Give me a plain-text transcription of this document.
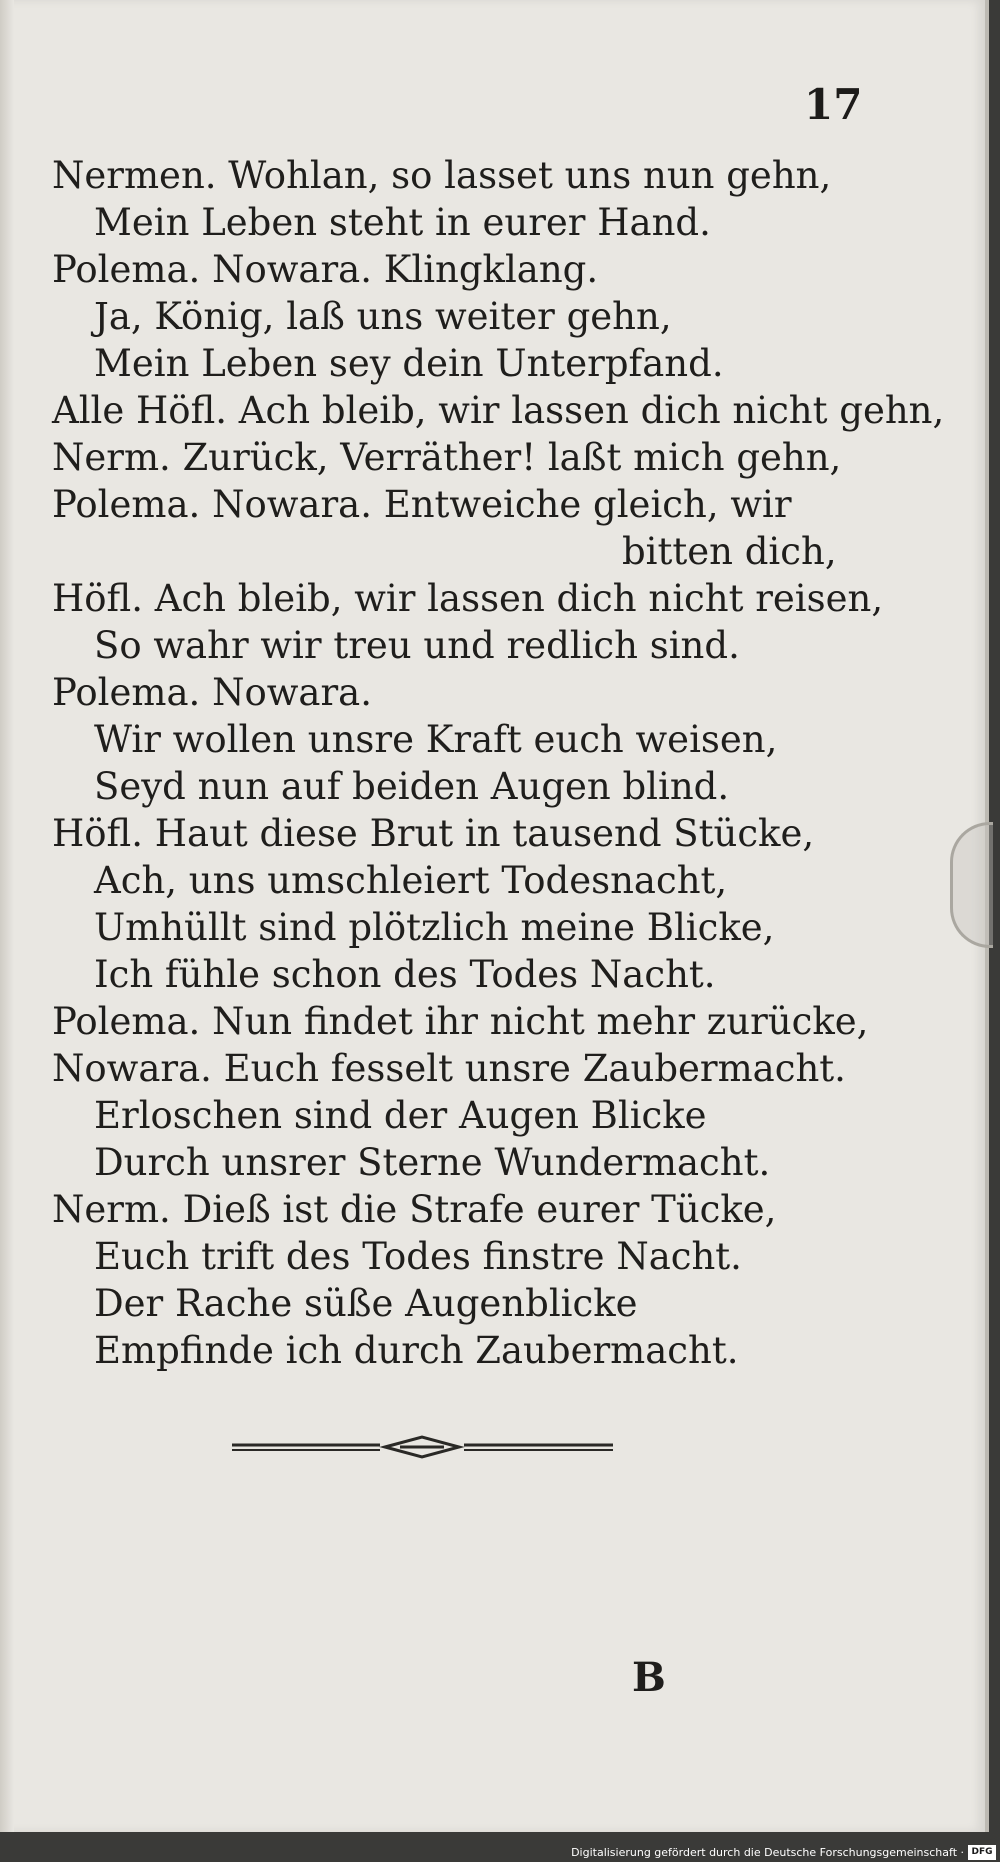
17
Nermen. Wohlan, so lasset uns nun gehn,
Mein Leben steht in eurer Hand.
Polema. Nowara. Klingklang.
Ja, König, laß uns weiter gehn,
Mein Leben sey dein Unterpfand.
Alle Höfl. Ach bleib, wir lassen dich nicht gehn,
Nerm. Zurück, Verräther! laßt mich gehn,
Polema. Nowara. Entweiche gleich, wir
bitten dich,
Höfl. Ach bleib, wir lassen dich nicht reisen,
So wahr wir treu und redlich sind.
Polema. Nowara.
Wir wollen unsre Kraft euch weisen,
Seyd nun auf beiden Augen blind.
Höfl. Haut diese Brut in tausend Stücke,
Ach, uns umschleiert Todesnacht,
Umhüllt sind plötzlich meine Blicke,
Ich fühle schon des Todes Nacht.
Polema. Nun findet ihr nicht mehr zurücke,
Nowara. Euch fesselt unsre Zaubermacht.
Erloschen sind der Augen Blicke
Durch unsrer Sterne Wundermacht.
Nerm. Dieß ist die Strafe eurer Tücke,
Euch trift des Todes finstre Nacht.
Der Rache süße Augenblicke
Empfinde ich durch Zaubermacht.
B
Digitalisierung gefördert durch die Deutsche Forschungsgemeinschaft · DFG
